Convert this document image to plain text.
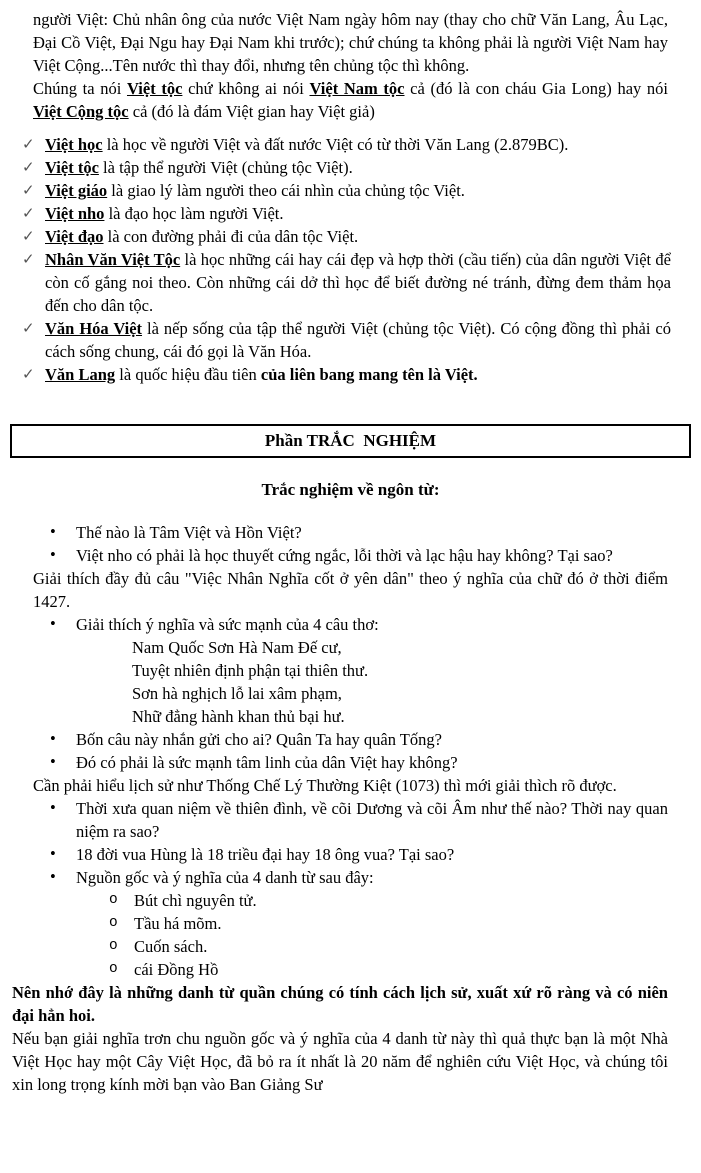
người Việt: Chủ nhân ông của nước Việt Nam ngày hôm nay (thay cho chữ Văn Lang, Âu Lạc, Đại Cồ Việt, Đại Ngu hay Đại Nam khi trước); chứ chúng ta không phải là người Việt Nam hay Việt Cộng...Tên nước thì thay đổi, nhưng tên chủng tộc thì không.
Chúng ta nói Việt tộc chứ không ai nói Việt Nam tộc cả (đó là con cháu Gia Long) hay nói Việt Cộng tộc cả (đó là đám Việt gian hay Việt giả)
✓ Việt học là học về người Việt và đất nước Việt có từ thời Văn Lang (2.879BC).
✓ Việt tộc là tập thể người Việt (chủng tộc Việt).
✓ Việt giáo là giao lý làm người theo cái nhìn của chủng tộc Việt.
✓ Việt nho là đạo học làm người Việt.
✓ Việt đạo là con đường phải đi của dân tộc Việt.
✓ Nhân Văn Việt Tộc là học những cái hay cái đẹp và hợp thời (cầu tiến) của dân người Việt để còn cố gắng noi theo. Còn những cái dở thì học để biết đường né tránh, đừng đem thảm họa đến cho dân tộc.
✓ Văn Hóa Việt là nếp sống của tập thể người Việt (chủng tộc Việt). Có cộng đồng thì phải có cách sống chung, cái đó gọi là Văn Hóa.
✓ Văn Lang là quốc hiệu đầu tiên của liên bang mang tên là Việt.
Phần TRẮC  NGHIỆM
Trắc nghiệm về ngôn từ:
• Thế nào là Tâm Việt và Hồn Việt?
• Việt nho có phải là học thuyết cứng ngắc, lỗi thời và lạc hậu hay không? Tại sao?
Giải thích đầy đủ câu "Việc Nhân Nghĩa cốt ở yên dân" theo ý nghĩa của chữ đó ở thời điểm 1427.
• Giải thích ý nghĩa và sức mạnh của 4 câu thơ:
Nam Quốc Sơn Hà Nam Đế cư,
Tuyệt nhiên định phận tại thiên thư.
Sơn hà nghịch lỗ lai xâm phạm,
Nhữ đẳng hành khan thủ bại hư.
• Bốn câu này nhắn gửi cho ai? Quân Ta hay quân Tống?
• Đó có phải là sức mạnh tâm linh của dân Việt hay không?
Cần phải hiểu lịch sử như Thống Chế Lý Thường Kiệt (1073) thì mới giải thìch rõ được.
• Thời xưa quan niệm về thiên đình, về cõi Dương và cõi Âm như thế nào? Thời nay quan niệm ra sao?
• 18 đời vua Hùng là 18 triều đại hay 18 ông vua? Tại sao?
• Nguồn gốc và ý nghĩa của 4 danh từ sau đây:
o Bút chì nguyên tử.
o Tầu há mõm.
o Cuốn sách.
o cái Đồng Hồ
Nên nhớ đây là những danh từ quần chúng có tính cách lịch sử, xuất xứ rõ ràng và có niên đại hẳn hoi.
Nếu bạn giải nghĩa trơn chu nguồn gốc và ý nghĩa của 4 danh từ này thì quả thực bạn là một Nhà Việt Học hay một Cây Việt Học, đã bỏ ra ít nhất là 20 năm để nghiên cứu Việt Học, và chúng tôi xin long trọng kính mời bạn vào Ban Giảng Sư
